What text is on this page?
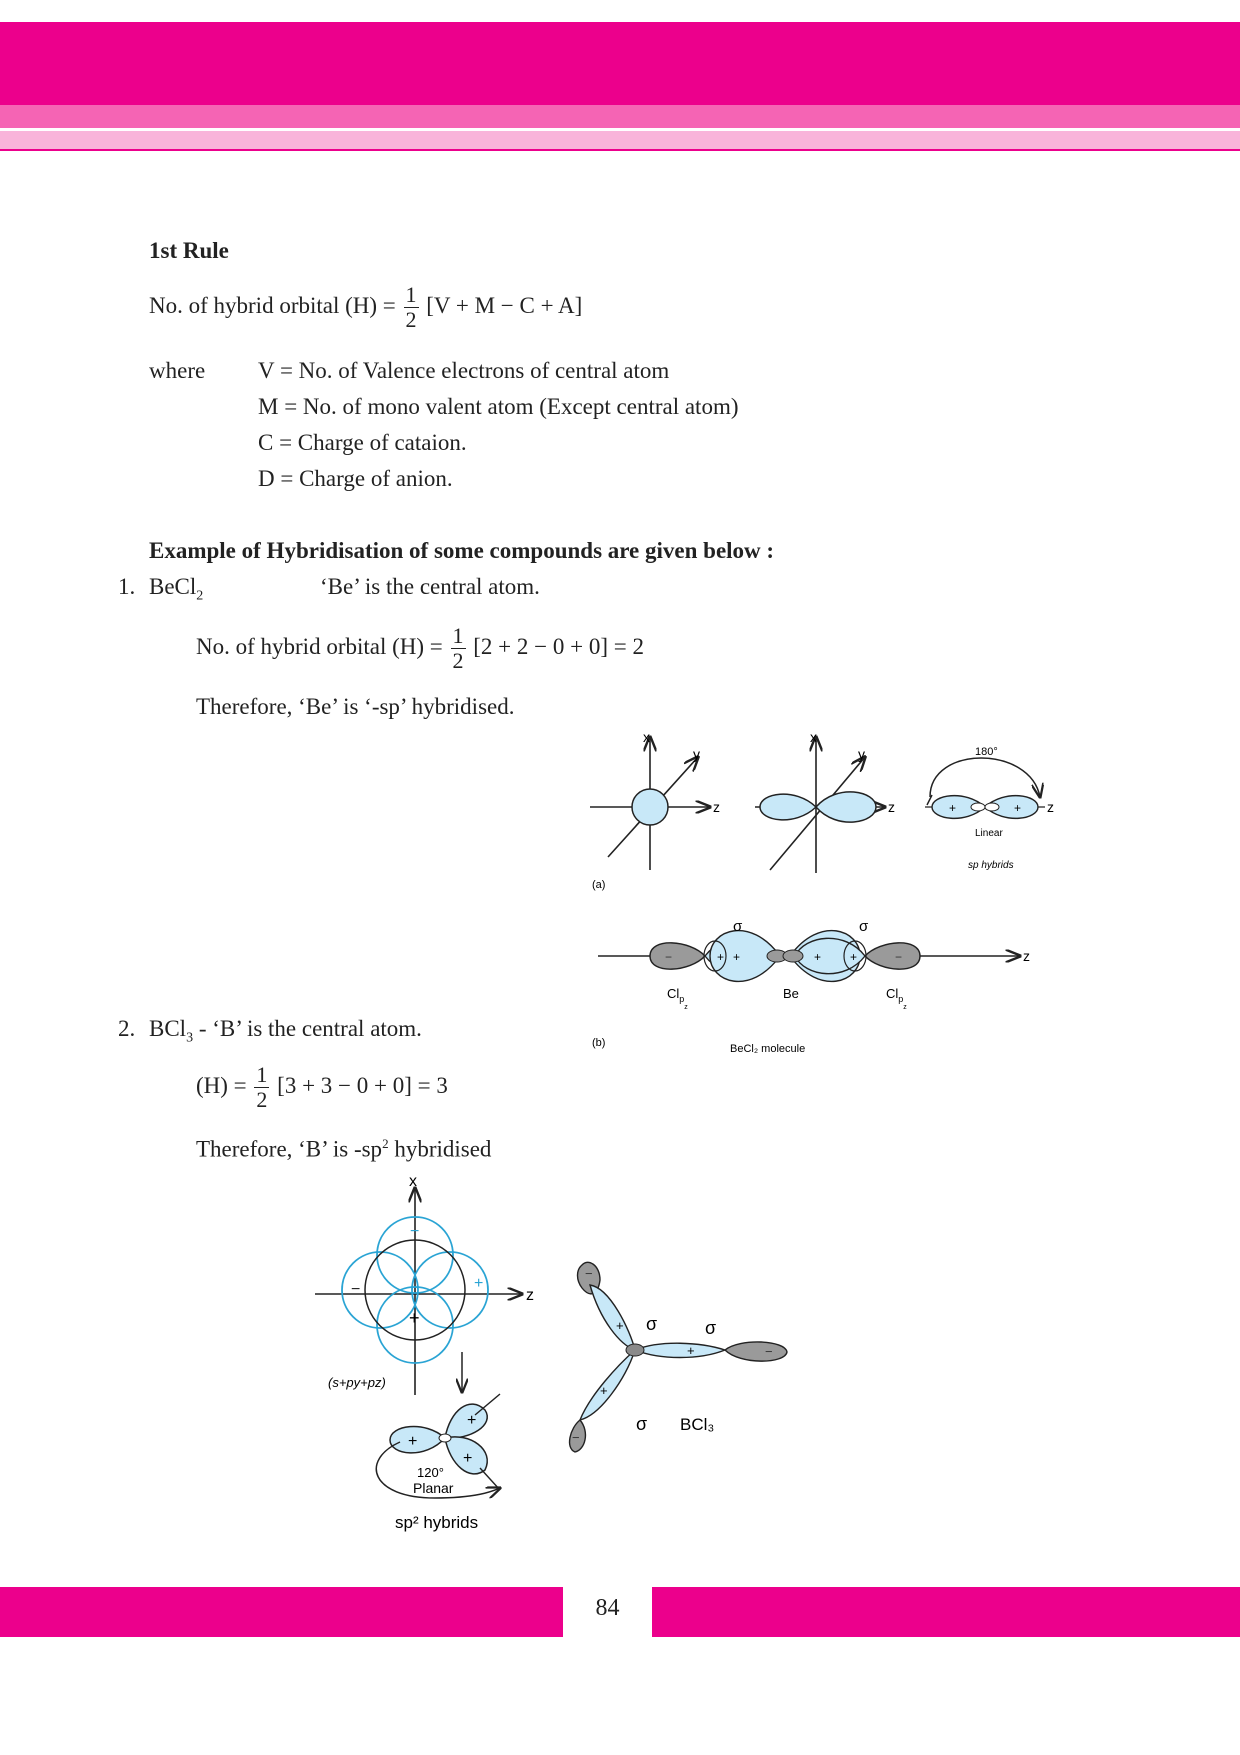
1st Rule
No. of hybrid orbital $(H) = \frac{1}{2} [V + M - C + A]$
where V = No. of Valence electrons of central atom
M = No. of mono valent atom (Except central atom)
C = Charge of cataion.
D = Charge of anion.
Example of Hybridisation of some compounds are given below :
1. BeCl$_2$	‘Be’ is the central atom.
No. of hybrid orbital $(H) = \frac{1}{2} [2 + 2 - 0 + 0] = 2$
Therefore, ‘Be’ is ‘-sp’ hybridised.
x
y
z
x
y
z
180°
+	+ z
Linear
sp hybrids
(a)
−	+ +	+ +	−
σ	σ
z
$Cl_{pz}$
Be	$Cl_{pz}$
(b)	BeCl₂ molecule
2. BCl$_3$ - ‘B’ is the central atom.
$(H) = \frac{1}{2} [3 + 3 - 0 + 0] = 3$
Therefore, ‘B’ is $-sp^2$ hybridised
−
−	+
+
x
z
(s+py+pz)
+
+
+
120°
Planar
sp² hybrids
−
+
+	−
+
−
σ	σ
σ BCl₃
84
